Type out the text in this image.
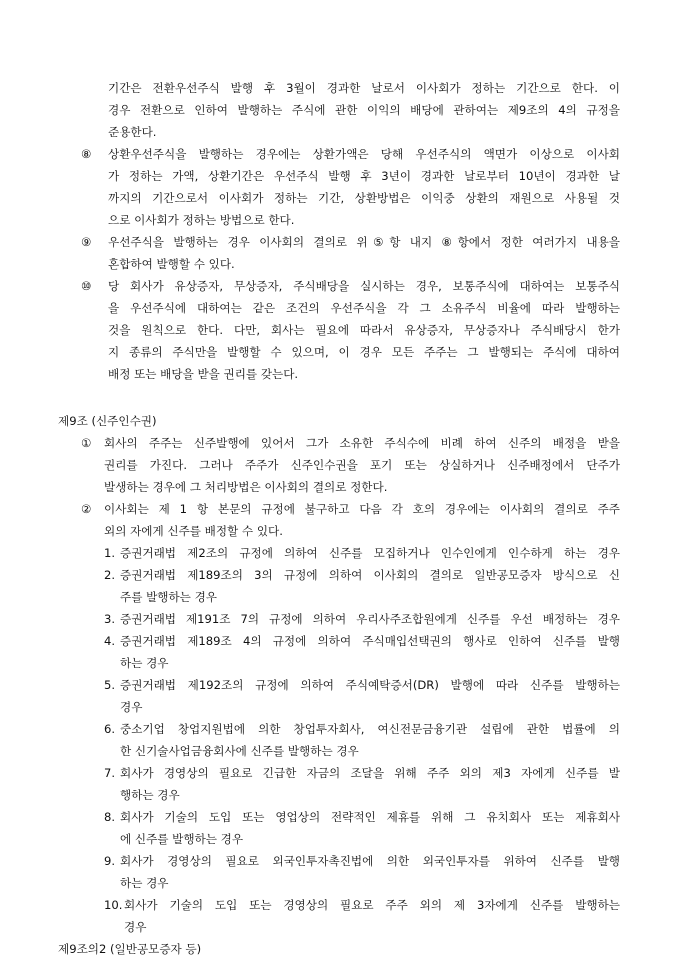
기간은 전환우선주식 발행 후 3월이 경과한 날로서 이사회가 정하는 기간으로 한다. 이
경우 전환으로 인하여 발행하는 주식에 관한 이익의 배당에 관하여는 제9조의 4의 규정을
준용한다.
⑧ 상환우선주식을 발행하는 경우에는 상환가액은 당해 우선주식의 액면가 이상으로 이사회
가 정하는 가액, 상환기간은 우선주식 발행 후 3년이 경과한 날로부터 10년이 경과한 날
까지의 기간으로서 이사회가 정하는 기간, 상환방법은 이익중 상환의 재원으로 사용될 것
으로 이사회가 정하는 방법으로 한다.
⑨ 우선주식을 발행하는 경우 이사회의 결의로 위⑤항 내지 ⑧항에서 정한 여러가지 내용을
혼합하여 발행할 수 있다.
⑩ 당 회사가 유상증자, 무상증자, 주식배당을 실시하는 경우, 보통주식에 대하여는 보통주식
을 우선주식에 대하여는 같은 조건의 우선주식을 각 그 소유주식 비율에 따라 발행하는
것을 원칙으로 한다. 다만, 회사는 필요에 따라서 유상증자, 무상증자나 주식배당시 한가
지 종류의 주식만을 발행할 수 있으며, 이 경우 모든 주주는 그 발행되는 주식에 대하여
배정 또는 배당을 받을 권리를 갖는다.
제9조 (신주인수권)
① 회사의 주주는 신주발행에 있어서 그가 소유한 주식수에 비례 하여 신주의 배정을 받을
권리를 가진다. 그러나 주주가 신주인수권을 포기 또는 상실하거나 신주배정에서 단주가
발생하는 경우에 그 처리방법은 이사회의 결의로 정한다.
② 이사회는 제 1 항 본문의 규정에 불구하고 다음 각 호의 경우에는 이사회의 결의로 주주
외의 자에게 신주를 배정할 수 있다.
1. 증권거래법 제2조의 규정에 의하여 신주를 모집하거나 인수인에게 인수하게 하는 경우
2. 증권거래법 제189조의 3의 규정에 의하여 이사회의 결의로 일반공모증자 방식으로 신
주를 발행하는 경우
3. 증권거래법 제191조 7의 규정에 의하여 우리사주조합원에게 신주를 우선 배정하는 경우
4. 증권거래법 제189조 4의 규정에 의하여 주식매입선택권의 행사로 인하여 신주를 발행
하는 경우
5. 증권거래법 제192조의 규정에 의하여 주식예탁증서(DR) 발행에 따라 신주를 발행하는
경우
6. 중소기업 창업지원법에 의한 창업투자회사, 여신전문금융기관 설립에 관한 법률에 의
한 신기술사업금융회사에 신주를 발행하는 경우
7. 회사가 경영상의 필요로 긴급한 자금의 조달을 위해 주주 외의 제3 자에게 신주를 발
행하는 경우
8. 회사가 기술의 도입 또는 영업상의 전략적인 제휴를 위해 그 유치회사 또는 제휴회사
에 신주를 발행하는 경우
9. 회사가 경영상의 필요로 외국인투자촉진법에 의한 외국인투자를 위하여 신주를 발행
하는 경우
10. 회사가 기술의 도입 또는 경영상의 필요로 주주 외의 제 3자에게 신주를 발행하는
경우
제9조의2 (일반공모증자 등)
